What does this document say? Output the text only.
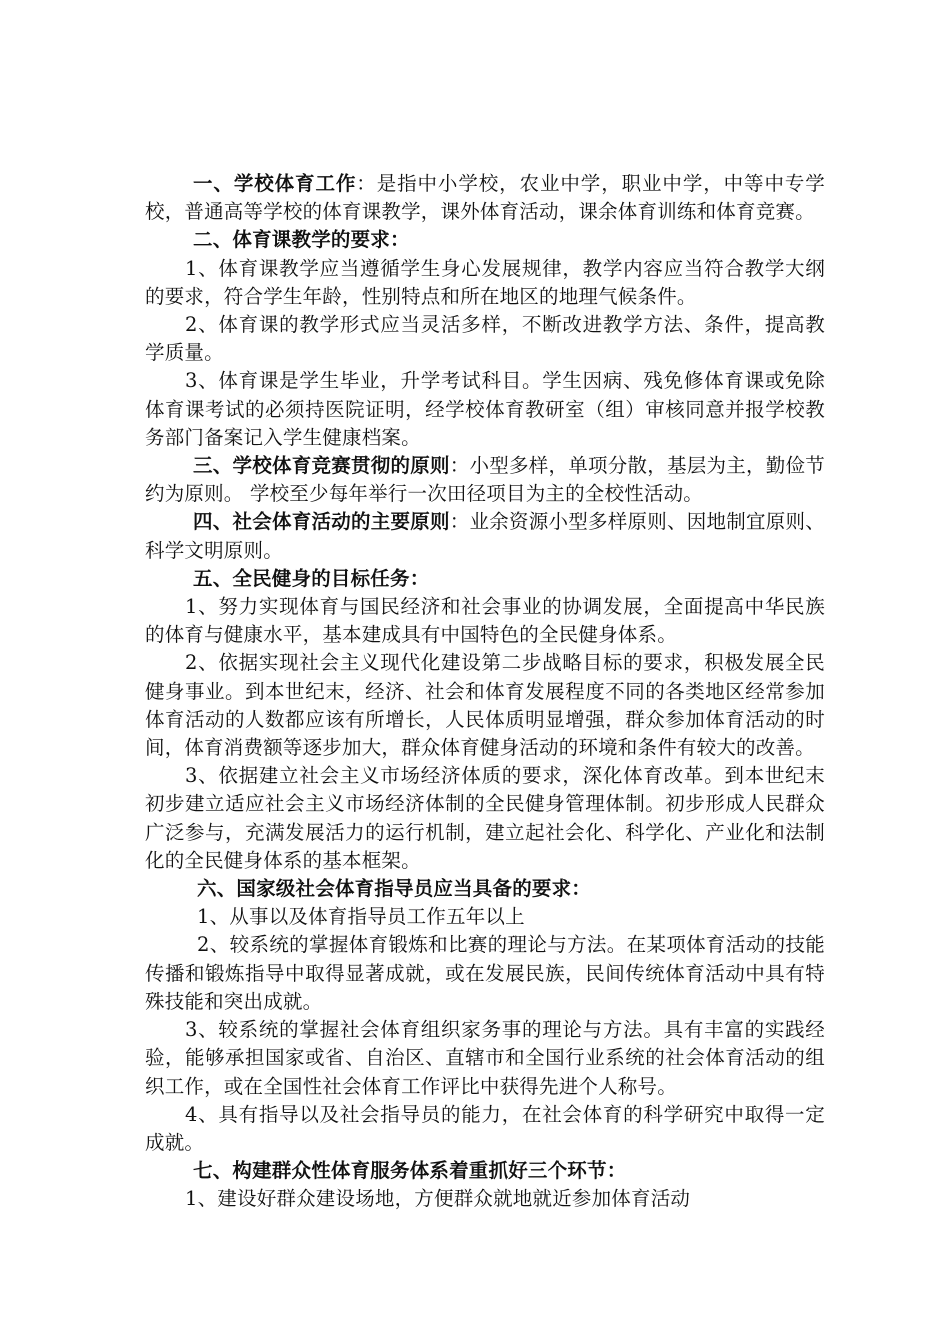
一、学校体育工作：是指中小学校，农业中学，职业中学，中等中专学校，普通高等学校的体育课教学，课外体育活动，课余体育训练和体育竞赛。

二、体育课教学的要求：

1、体育课教学应当遵循学生身心发展规律，教学内容应当符合教学大纲的要求，符合学生年龄，性别特点和所在地区的地理气候条件。

2、体育课的教学形式应当灵活多样，不断改进教学方法、条件，提高教学质量。

3、体育课是学生毕业，升学考试科目。学生因病、残免修体育课或免除体育课考试的必须持医院证明，经学校体育教研室（组）审核同意并报学校教务部门备案记入学生健康档案。

三、学校体育竞赛贯彻的原则：小型多样，单项分散，基层为主，勤俭节约为原则。 学校至少每年举行一次田径项目为主的全校性活动。

四、社会体育活动的主要原则：业余资源小型多样原则、因地制宜原则、科学文明原则。

五、全民健身的目标任务：

1、努力实现体育与国民经济和社会事业的协调发展，全面提高中华民族的体育与健康水平，基本建成具有中国特色的全民健身体系。

2、依据实现社会主义现代化建设第二步战略目标的要求，积极发展全民健身事业。到本世纪末，经济、社会和体育发展程度不同的各类地区经常参加体育活动的人数都应该有所增长，人民体质明显增强，群众参加体育活动的时间，体育消费额等逐步加大，群众体育健身活动的环境和条件有较大的改善。

3、依据建立社会主义市场经济体质的要求，深化体育改革。到本世纪末初步建立适应社会主义市场经济体制的全民健身管理体制。初步形成人民群众广泛参与，充满发展活力的运行机制，建立起社会化、科学化、产业化和法制化的全民健身体系的基本框架。

六、国家级社会体育指导员应当具备的要求：

1、从事以及体育指导员工作五年以上

2、较系统的掌握体育锻炼和比赛的理论与方法。在某项体育活动的技能传播和锻炼指导中取得显著成就，或在发展民族，民间传统体育活动中具有特殊技能和突出成就。

3、较系统的掌握社会体育组织家务事的理论与方法。具有丰富的实践经验，能够承担国家或省、自治区、直辖市和全国行业系统的社会体育活动的组织工作，或在全国性社会体育工作评比中获得先进个人称号。

4、具有指导以及社会指导员的能力，在社会体育的科学研究中取得一定成就。

七、构建群众性体育服务体系着重抓好三个环节：

1、建设好群众建设场地，方便群众就地就近参加体育活动
